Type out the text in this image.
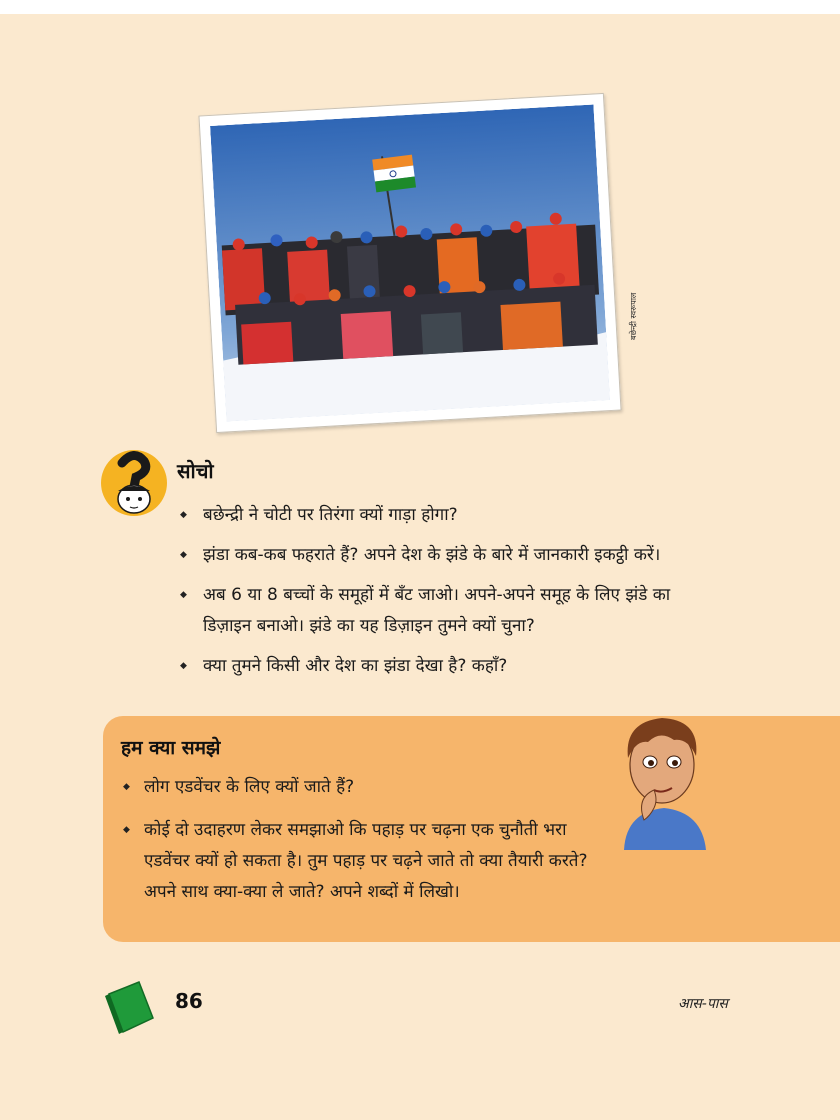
बछेन्द्री स्वरूपाल
सोचो
◆ बछेन्द्री ने चोटी पर तिरंगा क्यों गाड़ा होगा?
◆ झंडा कब-कब फहराते हैं? अपने देश के झंडे के बारे में जानकारी इकट्ठी करें।
◆ अब 6 या 8 बच्चों के समूहों में बँट जाओ। अपने-अपने समूह के लिए झंडे का डिज़ाइन बनाओ। झंडे का यह डिज़ाइन तुमने क्यों चुना?
◆ क्या तुमने किसी और देश का झंडा देखा है? कहाँ?
हम क्या समझे
◆ लोग एडवेंचर के लिए क्यों जाते हैं?
◆ कोई दो उदाहरण लेकर समझाओ कि पहाड़ पर चढ़ना एक चुनौती भरा एडवेंचर क्यों हो सकता है। तुम पहाड़ पर चढ़ने जाते तो क्या तैयारी करते? अपने साथ क्या-क्या ले जाते? अपने शब्दों में लिखो।
86	आस-पास
